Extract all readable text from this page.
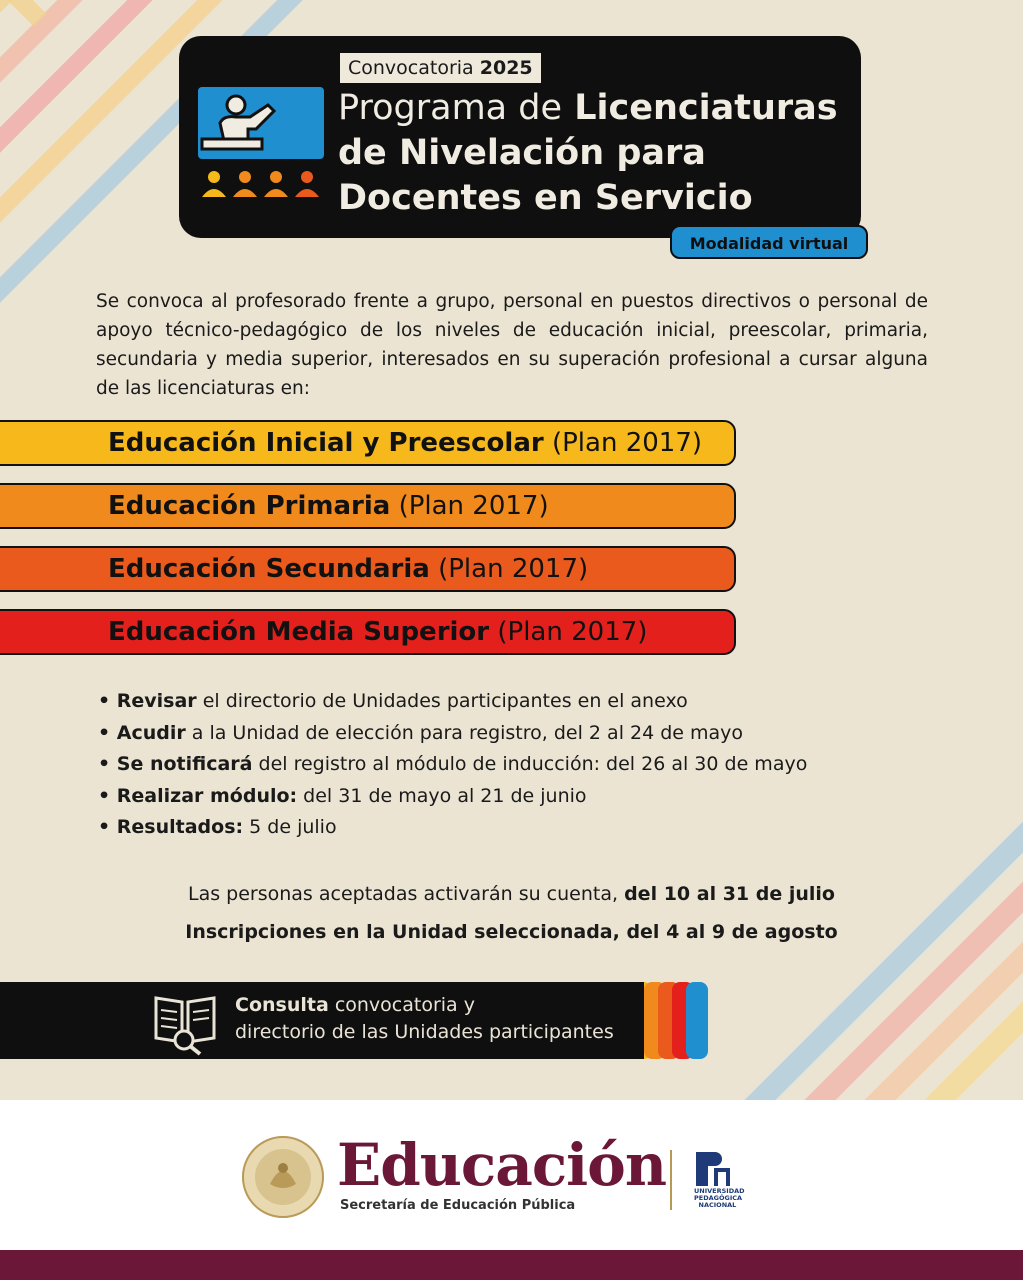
Convocatoria 2025
Programa de Licenciaturas
de Nivelación para
Docentes en Servicio
Modalidad virtual
Se convoca al profesorado frente a grupo, personal en puestos directivos o personal de apoyo técnico-pedagógico de los niveles de educación inicial, preescolar, primaria, secundaria y media superior, interesados en su superación profesional a cursar alguna de las licenciaturas en:
Educación Inicial y Preescolar (Plan 2017)
Educación Primaria (Plan 2017)
Educación Secundaria (Plan 2017)
Educación Media Superior (Plan 2017)
• Revisar el directorio de Unidades participantes en el anexo
• Acudir a la Unidad de elección para registro, del 2 al 24 de mayo
• Se notificará del registro al módulo de inducción: del 26 al 30 de mayo
• Realizar módulo: del 31 de mayo al 21 de junio
• Resultados: 5 de julio
Las personas aceptadas activarán su cuenta, del 10 al 31 de julio
Inscripciones en la Unidad seleccionada, del 4 al 9 de agosto
Consulta convocatoria y
directorio de las Unidades participantes
Educación
Secretaría de Educación Pública
UNIVERSIDAD
PEDAGÓGICA
NACIONAL
